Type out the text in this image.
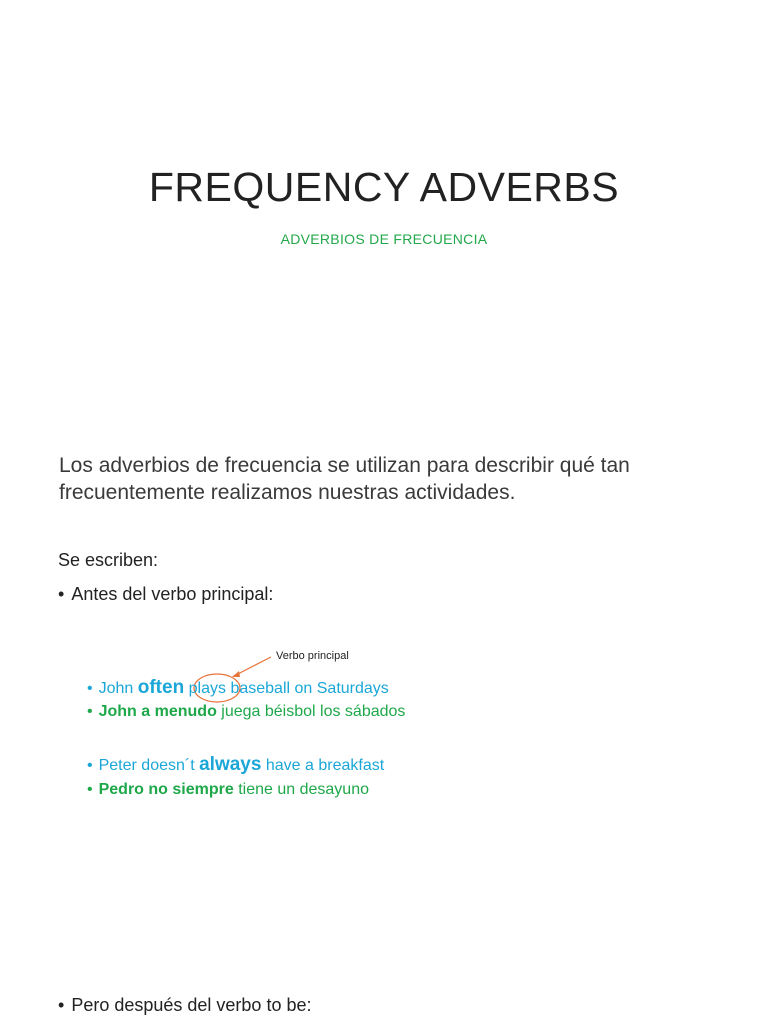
FREQUENCY ADVERBS
ADVERBIOS DE FRECUENCIA
Los adverbios de frecuencia se utilizan para describir qué tan frecuentemente realizamos nuestras actividades.
Se escriben:
• Antes del verbo principal:
Verbo principal
• John often plays baseball on Saturdays
• John a menudo juega béisbol los sábados
• Peter doesn´t always have a breakfast
• Pedro no siempre tiene un desayuno
• Pero después del verbo to be:
